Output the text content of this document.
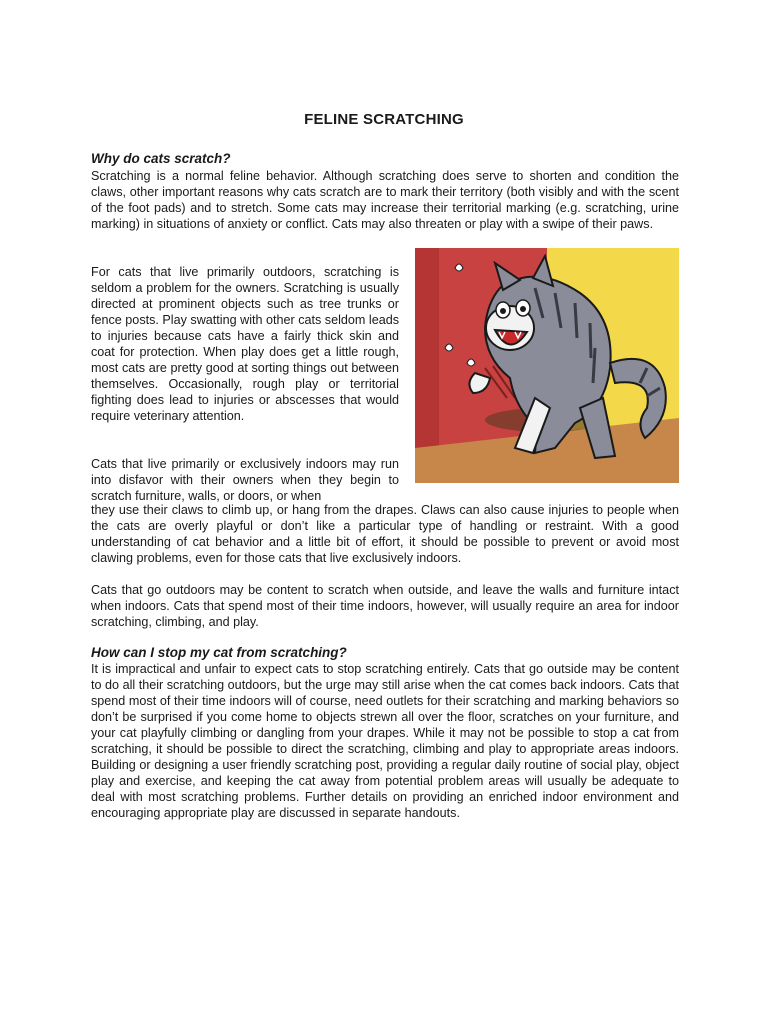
FELINE SCRATCHING
Why do cats scratch?

Scratching is a normal feline behavior. Although scratching does serve to shorten and condition the claws, other important reasons why cats scratch are to mark their territory (both visibly and with the scent of the foot pads) and to stretch. Some cats may increase their territorial marking (e.g. scratching, urine marking) in situations of anxiety or conflict. Cats may also threaten or play with a swipe of their paws.

For cats that live primarily outdoors, scratching is seldom a problem for the owners. Scratching is usually directed at prominent objects such as tree trunks or fence posts. Play swatting with other cats seldom leads to injuries because cats have a fairly thick skin and coat for protection. When play does get a little rough, most cats are pretty good at sorting things out between themselves. Occasionally, rough play or territorial fighting does lead to injuries or abscesses that would require veterinary attention.

Cats that live primarily or exclusively indoors may run into disfavor with their owners when they begin to scratch furniture, walls, or doors, or when

they use their claws to climb up, or hang from the drapes. Claws can also cause injuries to people when the cats are overly playful or don’t like a particular type of handling or restraint. With a good understanding of cat behavior and a little bit of effort, it should be possible to prevent or avoid most clawing problems, even for those cats that live exclusively indoors.

Cats that go outdoors may be content to scratch when outside, and leave the walls and furniture intact when indoors. Cats that spend most of their time indoors, however, will usually require an area for indoor scratching, climbing, and play.

How can I stop my cat from scratching?

It is impractical and unfair to expect cats to stop scratching entirely. Cats that go outside may be content to do all their scratching outdoors, but the urge may still arise when the cat comes back indoors. Cats that spend most of their time indoors will of course, need outlets for their scratching and marking behaviors so don’t be surprised if you come home to objects strewn all over the floor, scratches on your furniture, and your cat playfully climbing or dangling from your drapes. While it may not be possible to stop a cat from scratching, it should be possible to direct the scratching, climbing and play to appropriate areas indoors. Building or designing a user friendly scratching post, providing a regular daily routine of social play, object play and exercise, and keeping the cat away from potential problem areas will usually be adequate to deal with most scratching problems. Further details on providing an enriched indoor environment and encouraging appropriate play are discussed in separate handouts.
